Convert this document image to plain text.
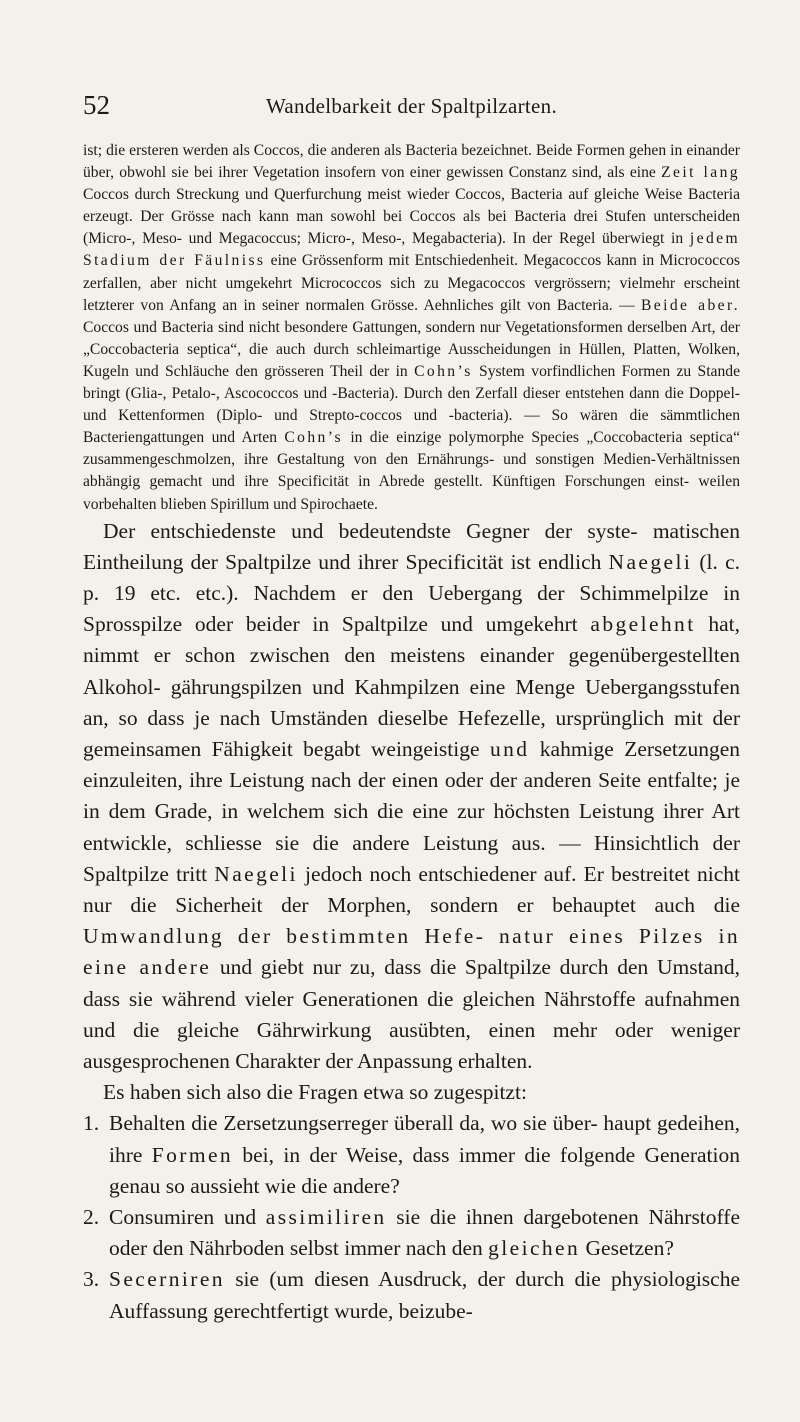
52	Wandelbarkeit der Spaltpilzarten.

ist; die ersteren werden als Coccos, die anderen als Bacteria bezeichnet. Beide Formen gehen in einander über, obwohl sie bei ihrer Vegetation insofern von einer gewissen Constanz sind, als eine Zeit lang Coccos durch Streckung und Querfurchung meist wieder Coccos, Bacteria auf gleiche Weise Bacteria erzeugt. Der Grösse nach kann man sowohl bei Coccos als bei Bacteria drei Stufen unterscheiden (Micro-, Meso- und Megacoccus; Micro-, Meso-, Megabacteria). In der Regel überwiegt in jedem Stadium der Fäulniss eine Grössenform mit Entschiedenheit. Megacoccos kann in Micrococcos zerfallen, aber nicht umgekehrt Micrococcos sich zu Megacoccos vergrössern; vielmehr erscheint letzterer von Anfang an in seiner normalen Grösse. Aehnliches gilt von Bacteria. — Beide aber. Coccos und Bacteria sind nicht besondere Gattungen, sondern nur Vegetationsformen derselben Art, der „Coccobacteria septica“, die auch durch schleimartige Ausscheidungen in Hüllen, Platten, Wolken, Kugeln und Schläuche den grösseren Theil der in Cohn’s System vorfindlichen Formen zu Stande bringt (Glia-, Petalo-, Ascococcos und -Bacteria). Durch den Zerfall dieser entstehen dann die Doppel- und Kettenformen (Diplo- und Strepto-coccos und -bacteria). — So wären die sämmtlichen Bacteriengattungen und Arten Cohn’s in die einzige polymorphe Species „Coccobacteria septica“ zusammengeschmolzen, ihre Gestaltung von den Ernährungs- und sonstigen Medien-Verhältnissen abhängig gemacht und ihre Specificität in Abrede gestellt. Künftigen Forschungen einst- weilen vorbehalten blieben Spirillum und Spirochaete.

Der entschiedenste und bedeutendste Gegner der syste- matischen Eintheilung der Spaltpilze und ihrer Specificität ist endlich Naegeli (l. c. p. 19 etc. etc.). Nachdem er den Uebergang der Schimmelpilze in Sprosspilze oder beider in Spaltpilze und umgekehrt abgelehnt hat, nimmt er schon zwischen den meistens einander gegenübergestellten Alkohol- gährungspilzen und Kahmpilzen eine Menge Uebergangsstufen an, so dass je nach Umständen dieselbe Hefezelle, ursprünglich mit der gemeinsamen Fähigkeit begabt weingeistige und kahmige Zersetzungen einzuleiten, ihre Leistung nach der einen oder der anderen Seite entfalte; je in dem Grade, in welchem sich die eine zur höchsten Leistung ihrer Art entwickle, schliesse sie die andere Leistung aus. — Hinsichtlich der Spaltpilze tritt Naegeli jedoch noch entschiedener auf. Er bestreitet nicht nur die Sicherheit der Morphen, sondern er behauptet auch die Umwandlung der bestimmten Hefe- natur eines Pilzes in eine andere und giebt nur zu, dass die Spaltpilze durch den Umstand, dass sie während vieler Generationen die gleichen Nährstoffe aufnahmen und die gleiche Gährwirkung ausübten, einen mehr oder weniger ausgesprochenen Charakter der Anpassung erhalten.

Es haben sich also die Fragen etwa so zugespitzt:

1. Behalten die Zersetzungserreger überall da, wo sie über- haupt gedeihen, ihre Formen bei, in der Weise, dass immer die folgende Generation genau so aussieht wie die andere?
2. Consumiren und assimiliren sie die ihnen dargebotenen Nährstoffe oder den Nährboden selbst immer nach den gleichen Gesetzen?
3. Secerniren sie (um diesen Ausdruck, der durch die physiologische Auffassung gerechtfertigt wurde, beizube-
